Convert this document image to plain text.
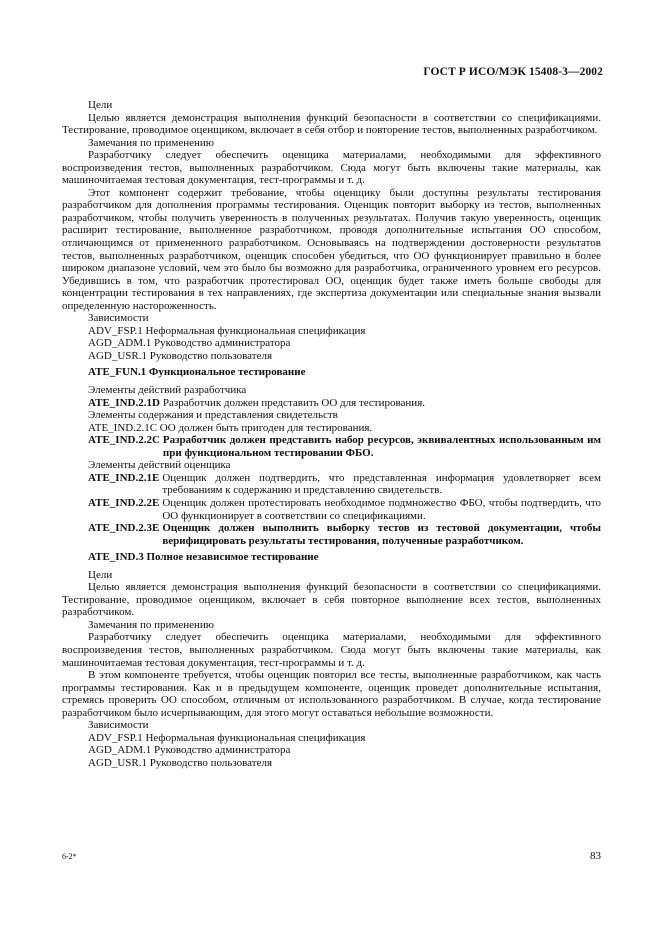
ГОСТ Р ИСО/МЭК 15408-3—2002

Цели

Целью является демонстрация выполнения функций безопасности в соответствии со спецификациями. Тестирование, проводимое оценщиком, включает в себя отбор и повторение тестов, выполненных разработчиком.

Замечания по применению

Разработчику следует обеспечить оценщика материалами, необходимыми для эффективного воспроизведения тестов, выполненных разработчиком. Сюда могут быть включены такие материалы, как машиночитаемая тестовая документация, тест-программы и т. д.

Этот компонент содержит требование, чтобы оценщику были доступны результаты тестирования разработчиком для дополнения программы тестирования. Оценщик повторит выборку из тестов, выполненных разработчиком, чтобы получить уверенность в полученных результатах. Получив такую уверенность, оценщик расширит тестирование, выполненное разработчиком, проводя дополнительные испытания ОО способом, отличающимся от примененного разработчиком. Основываясь на подтверждении достоверности результатов тестов, выполненных разработчиком, оценщик способен убедиться, что ОО функционирует правильно в более широком диапазоне условий, чем это было бы возможно для разработчика, ограниченного уровнем его ресурсов. Убедившись в том, что разработчик протестировал ОО, оценщик будет также иметь больше свободы для концентрации тестирования в тех направлениях, где экспертиза документации или специальные знания вызвали определенную настороженность.

Зависимости

ADV_FSP.1 Неформальная функциональная спецификация

AGD_ADM.1 Руководство администратора

AGD_USR.1 Руководство пользователя

ATE_FUN.1 Функциональное тестирование

Элементы действий разработчика

ATE_IND.2.1D Разработчик должен представить ОО для тестирования.

Элементы содержания и представления свидетельств

ATE_IND.2.1C ОО должен быть пригоден для тестирования.

ATE_IND.2.2C Разработчик должен представить набор ресурсов, эквивалентных использованным им при функциональном тестировании ФБО.

Элементы действий оценщика

ATE_IND.2.1E Оценщик должен подтвердить, что представленная информация удовлетворяет всем требованиям к содержанию и представлению свидетельств.
ATE_IND.2.2E Оценщик должен протестировать необходимое подмножество ФБО, чтобы подтвердить, что ОО функционирует в соответствии со спецификациями.
ATE_IND.2.3E Оценщик должен выполнить выборку тестов из тестовой документации, чтобы верифицировать результаты тестирования, полученные разработчиком.

ATE_IND.3 Полное независимое тестирование

Цели

Целью является демонстрация выполнения функций безопасности в соответствии со спецификациями. Тестирование, проводимое оценщиком, включает в себя повторное выполнение всех тестов, выполненных разработчиком.

Замечания по применению

Разработчику следует обеспечить оценщика материалами, необходимыми для эффективного воспроизведения тестов, выполненных разработчиком. Сюда могут быть включены такие материалы, как машиночитаемая тестовая документация, тест-программы и т. д.

В этом компоненте требуется, чтобы оценщик повторил все тесты, выполненные разработчиком, как часть программы тестирования. Как и в предыдущем компоненте, оценщик проведет дополнительные испытания, стремясь проверить ОО способом, отличным от использованного разработчиком. В случае, когда тестирование разработчиком было исчерпывающим, для этого могут оставаться небольшие возможности.

Зависимости

ADV_FSP.1 Неформальная функциональная спецификация

AGD_ADM.1 Руководство администратора

AGD_USR.1 Руководство пользователя

6-2*	83
